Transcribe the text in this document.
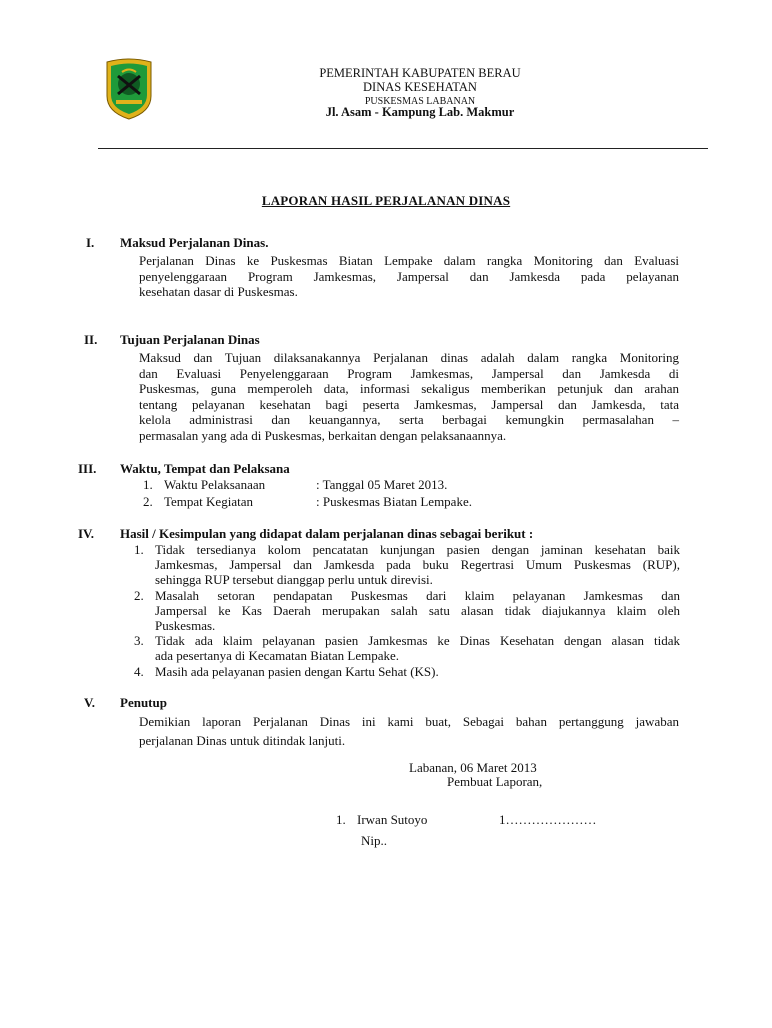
PEMERINTAH KABUPATEN BERAU
DINAS KESEHATAN
PUSKESMAS LABANAN
Jl. Asam - Kampung Lab. Makmur
LAPORAN HASIL PERJALANAN DINAS
I. Maksud Perjalanan Dinas.
Perjalanan Dinas ke Puskesmas Biatan Lempake dalam rangka Monitoring dan Evaluasi
penyelenggaraan Program Jamkesmas, Jampersal dan Jamkesda pada pelayanan
kesehatan dasar di Puskesmas.
II. Tujuan Perjalanan Dinas
Maksud dan Tujuan dilaksanakannya Perjalanan dinas adalah dalam rangka Monitoring
dan Evaluasi Penyelenggaraan Program Jamkesmas, Jampersal dan Jamkesda di
Puskesmas, guna memperoleh data, informasi sekaligus memberikan petunjuk dan arahan
tentang pelayanan kesehatan bagi peserta Jamkesmas, Jampersal dan Jamkesda, tata
kelola administrasi dan keuangannya, serta berbagai kemungkin permasalahan –
permasalan yang ada di Puskesmas, berkaitan dengan pelaksanaannya.
III. Waktu, Tempat dan Pelaksana
1. Waktu Pelaksanaan	: Tanggal 05 Maret 2013.
2. Tempat Kegiatan	: Puskesmas Biatan Lempake.
IV. Hasil / Kesimpulan yang didapat dalam perjalanan dinas sebagai berikut :
1. Tidak tersedianya kolom pencatatan kunjungan pasien dengan jaminan kesehatan baik
Jamkesmas, Jampersal dan Jamkesda pada buku Regertrasi Umum Puskesmas (RUP),
sehingga RUP tersebut dianggap perlu untuk direvisi.
2. Masalah setoran pendapatan Puskesmas dari klaim pelayanan Jamkesmas dan
Jampersal ke Kas Daerah merupakan salah satu alasan tidak diajukannya klaim oleh
Puskesmas.
3. Tidak ada klaim pelayanan pasien Jamkesmas ke Dinas Kesehatan dengan alasan tidak
ada pesertanya di Kecamatan Biatan Lempake.
4. Masih ada pelayanan pasien dengan Kartu Sehat (KS).
V. Penutup
Demikian laporan Perjalanan Dinas ini kami buat, Sebagai bahan pertanggung jawaban
perjalanan Dinas untuk ditindak lanjuti.
Labanan, 06 Maret 2013
Pembuat Laporan,
1. Irwan Sutoyo	1…………………
Nip..
